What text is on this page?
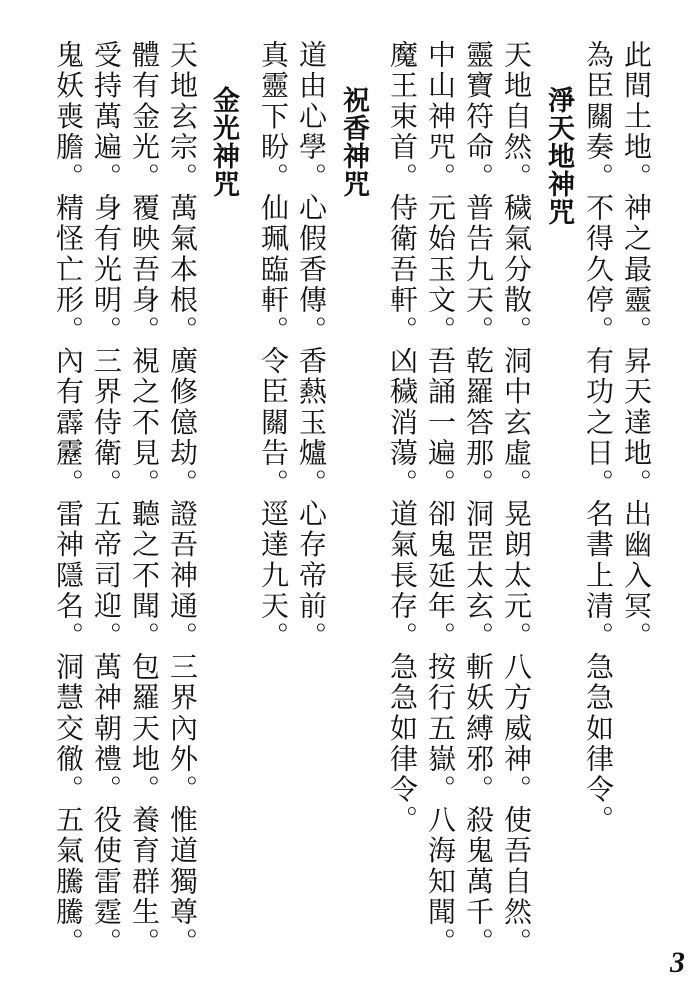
此間土地。神之最靈。昇天達地。出幽入冥。
為臣關奏。不得久停。有功之日。名書上清。急急如律令。
淨天地神咒
天地自然。穢氣分散。洞中玄虛。晃朗太元。八方威神。使吾自然。
靈寶符命。普告九天。乾羅答那。洞罡太玄。斬妖縛邪。殺鬼萬千。
中山神咒。元始玉文。吾誦一遍。卻鬼延年。按行五嶽。八海知聞。
魔王束首。侍衛吾軒。凶穢消蕩。道氣長存。急急如律令。
祝香神咒
道由心學。心假香傳。香爇玉爐。心存帝前。
真靈下盼。仙珮臨軒。令臣關告。逕達九天。
金光神咒
天地玄宗。萬氣本根。廣修億劫。證吾神通。三界內外。惟道獨尊。
體有金光。覆映吾身。視之不見。聽之不聞。包羅天地。養育群生。
受持萬遍。身有光明。三界侍衛。五帝司迎。萬神朝禮。役使雷霆。
鬼妖喪膽。精怪亡形。內有霹靂。雷神隱名。洞慧交徹。五氣騰騰。
3
